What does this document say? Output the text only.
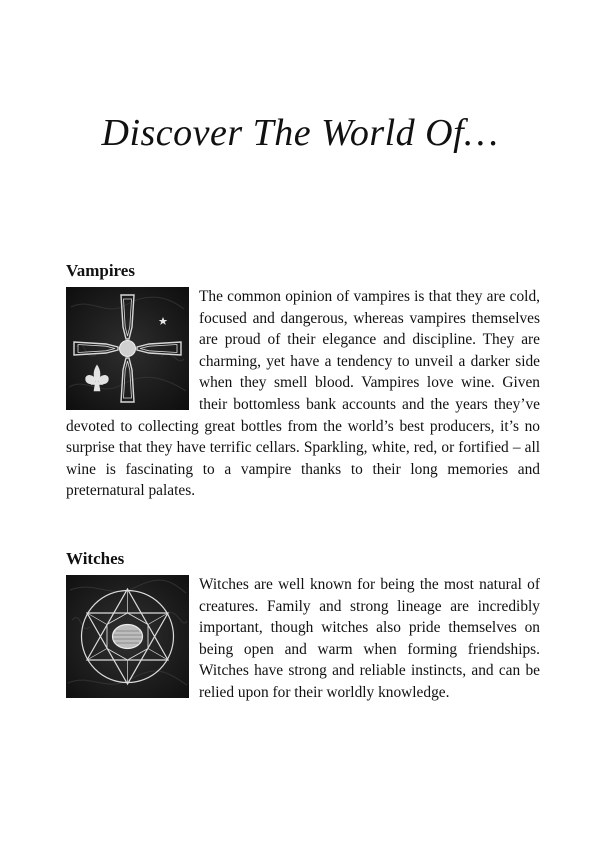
Discover The World Of…
Vampires

The common opinion of vampires is that they are cold, focused and dangerous, whereas vampires themselves are proud of their elegance and discipline. They are charming, yet have a tendency to unveil a darker side when they smell blood. Vampires love wine. Given their bottomless bank accounts and the years they’ve devoted to collecting great bottles from the world’s best producers, it’s no surprise that they have terrific cellars. Sparkling, white, red, or fortified – all wine is fascinating to a vampire thanks to their long memories and preternatural palates.

Witches

Witches are well known for being the most natural of creatures. Family and strong lineage are incredibly important, though witches also pride themselves on being open and warm when forming friendships. Witches have strong and reliable instincts, and can be relied upon for their worldly knowledge.
